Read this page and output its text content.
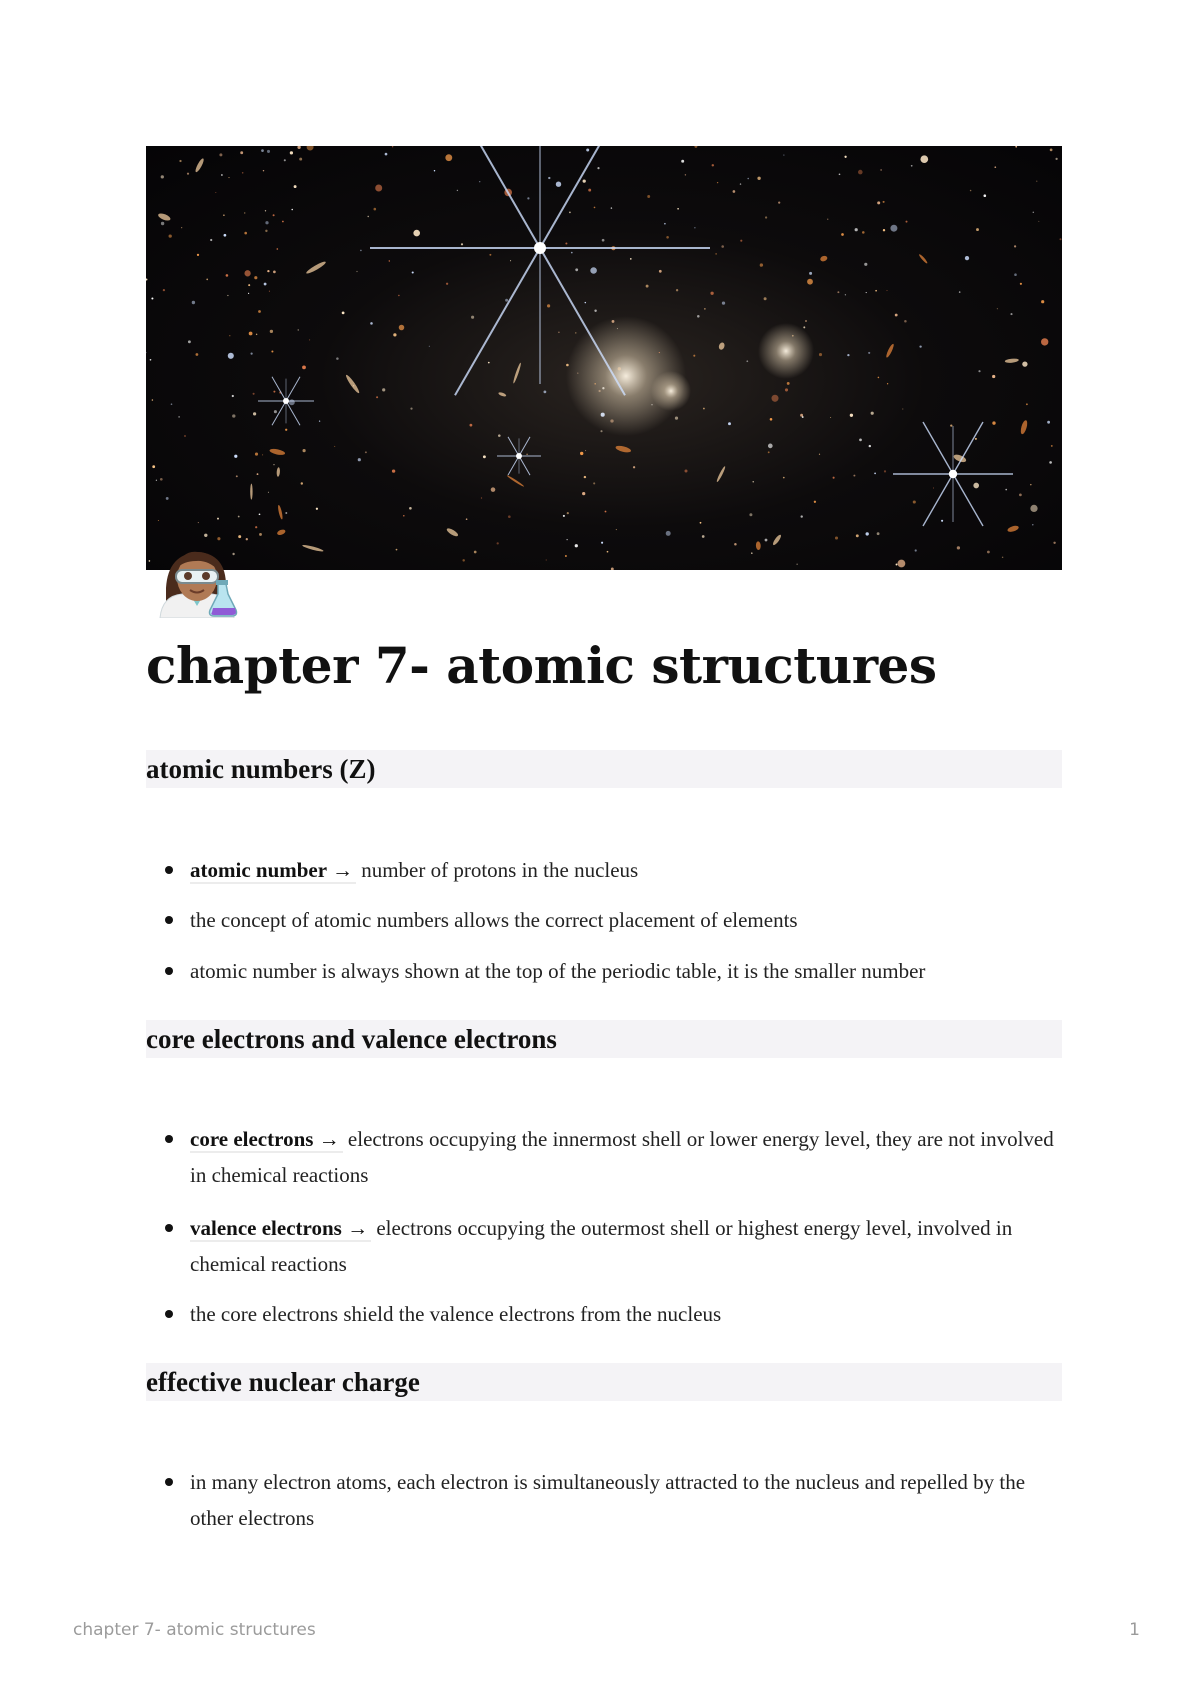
chapter 7- atomic structures
atomic numbers (Z)
atomic number → number of protons in the nucleus
the concept of atomic numbers allows the correct placement of elements
atomic number is always shown at the top of the periodic table, it is the smaller number
core electrons and valence electrons
core electrons → electrons occupying the innermost shell or lower energy level, they are not involved in chemical reactions
valence electrons → electrons occupying the outermost shell or highest energy level, involved in chemical reactions
the core electrons shield the valence electrons from the nucleus
effective nuclear charge
in many electron atoms, each electron is simultaneously attracted to the nucleus and repelled by the other electrons
chapter 7- atomic structures	1
